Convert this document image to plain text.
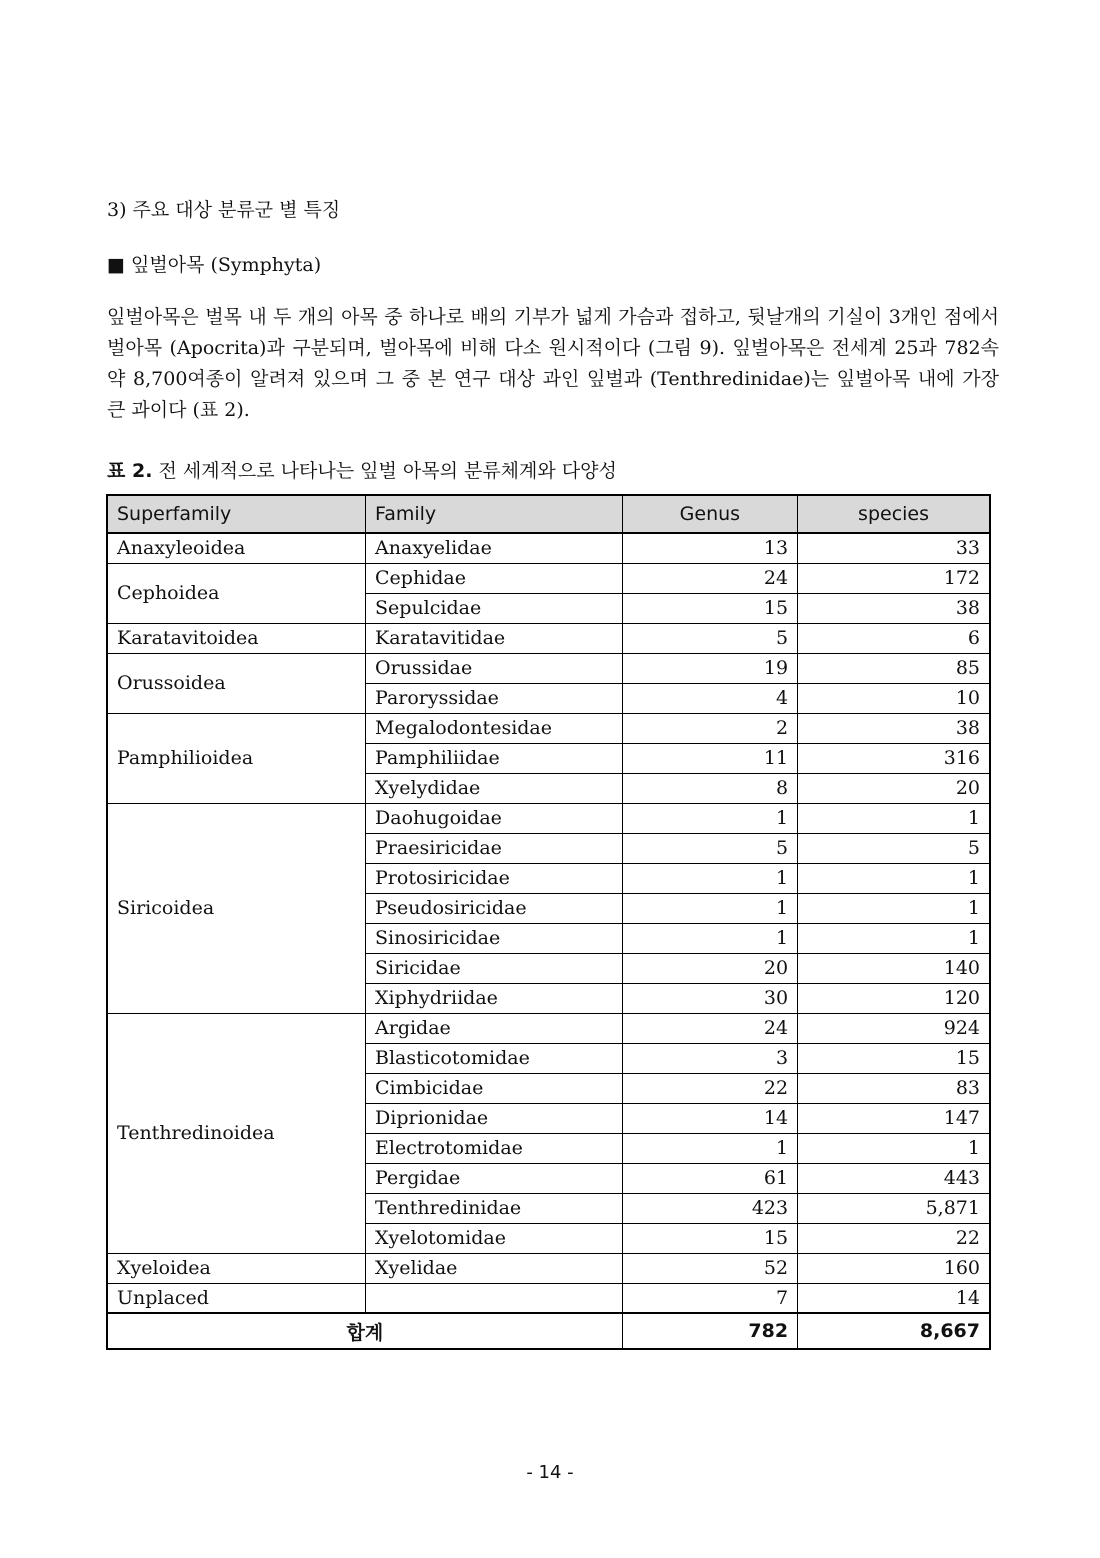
3) 주요 대상 분류군 별 특징
■ 잎벌아목 (Symphyta)

잎벌아목은 벌목 내 두 개의 아목 중 하나로 배의 기부가 넓게 가슴과 접하고, 뒷날개의 기실이 3개인 점에서 벌아목 (Apocrita)과 구분되며, 벌아목에 비해 다소 원시적이다 (그림 9). 잎벌아목은 전세계 25과 782속 약 8,700여종이 알려져 있으며 그 중 본 연구 대상 과인 잎벌과 (Tenthredinidae)는 잎벌아목 내에 가장 큰 과이다 (표 2).

표 2. 전 세계적으로 나타나는 잎벌 아목의 분류체계와 다양성
Superfamily	Family	Genus	species
Anaxyleoidea	Anaxyelidae	13	33
Cephoidea	Cephidae	24	172
	Sepulcidae	15	38
Karatavitoidea	Karatavitidae	5	6
Orussoidea	Orussidae	19	85
	Paroryssidae	4	10
Pamphilioidea	Megalodontesidae	2	38
	Pamphiliidae	11	316
	Xyelydidae	8	20
Siricoidea	Daohugoidae	1	1
	Praesiricidae	5	5
	Protosiricidae	1	1
	Pseudosiricidae	1	1
	Sinosiricidae	1	1
	Siricidae	20	140
	Xiphydriidae	30	120
Tenthredinoidea	Argidae	24	924
	Blasticotomidae	3	15
	Cimbicidae	22	83
	Diprionidae	14	147
	Electrotomidae	1	1
	Pergidae	61	443
	Tenthredinidae	423	5,871
	Xyelotomidae	15	22
Xyeloidea	Xyelidae	52	160
Unplaced		7	14
합계		782	8,667
- 14 -
